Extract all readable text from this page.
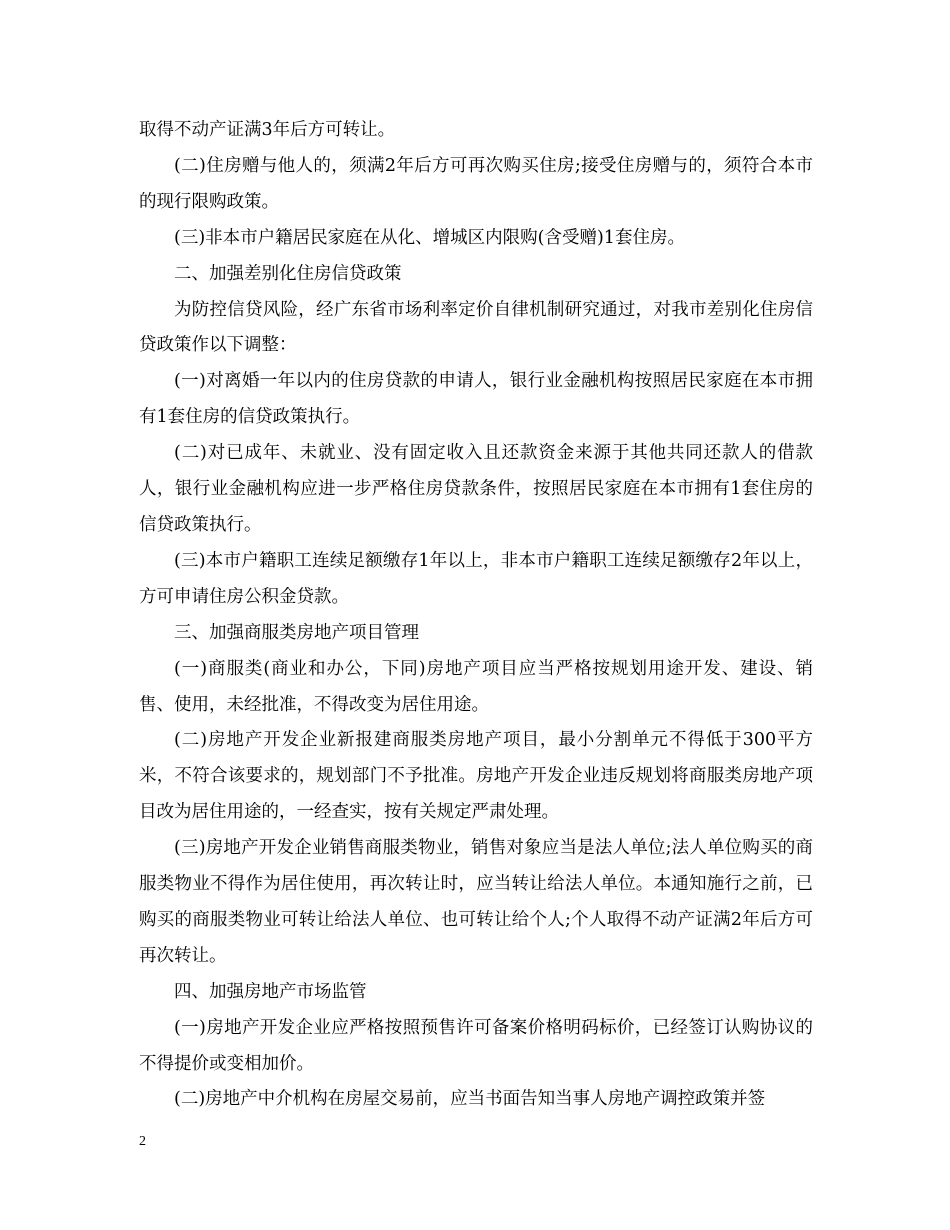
取得不动产证满3年后方可转让。

(二)住房赠与他人的，须满2年后方可再次购买住房;接受住房赠与的，须符合本市的现行限购政策。

(三)非本市户籍居民家庭在从化、增城区内限购(含受赠)1套住房。

二、加强差别化住房信贷政策

为防控信贷风险，经广东省市场利率定价自律机制研究通过，对我市差别化住房信贷政策作以下调整：

(一)对离婚一年以内的住房贷款的申请人，银行业金融机构按照居民家庭在本市拥有1套住房的信贷政策执行。

(二)对已成年、未就业、没有固定收入且还款资金来源于其他共同还款人的借款人，银行业金融机构应进一步严格住房贷款条件，按照居民家庭在本市拥有1套住房的信贷政策执行。

(三)本市户籍职工连续足额缴存1年以上，非本市户籍职工连续足额缴存2年以上，方可申请住房公积金贷款。

三、加强商服类房地产项目管理

(一)商服类(商业和办公，下同)房地产项目应当严格按规划用途开发、建设、销售、使用，未经批准，不得改变为居住用途。

(二)房地产开发企业新报建商服类房地产项目，最小分割单元不得低于300平方米，不符合该要求的，规划部门不予批准。房地产开发企业违反规划将商服类房地产项目改为居住用途的，一经查实，按有关规定严肃处理。

(三)房地产开发企业销售商服类物业，销售对象应当是法人单位;法人单位购买的商服类物业不得作为居住使用，再次转让时，应当转让给法人单位。本通知施行之前，已购买的商服类物业可转让给法人单位、也可转让给个人;个人取得不动产证满2年后方可再次转让。

四、加强房地产市场监管

(一)房地产开发企业应严格按照预售许可备案价格明码标价，已经签订认购协议的不得提价或变相加价。

(二)房地产中介机构在房屋交易前，应当书面告知当事人房地产调控政策并签

2
